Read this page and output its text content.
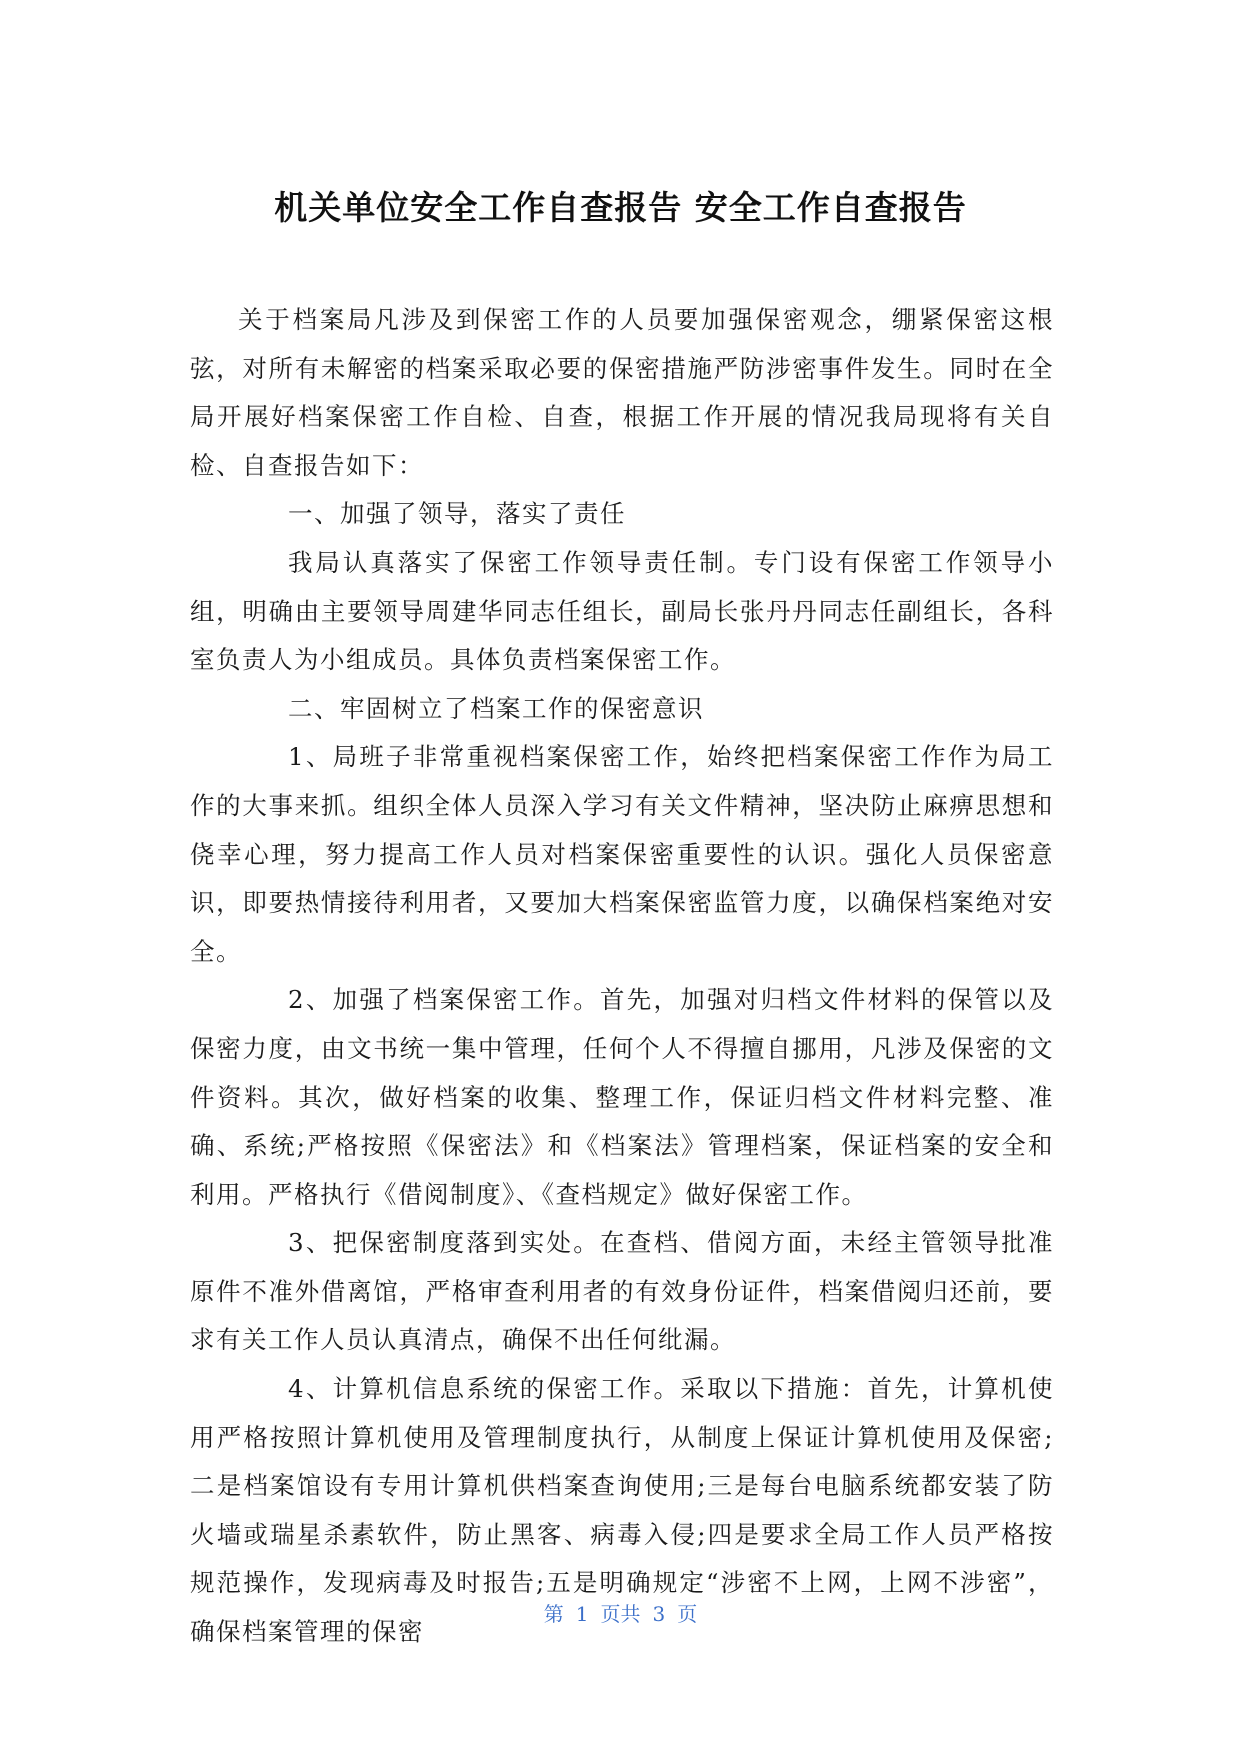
机关单位安全工作自查报告 安全工作自查报告

关于档案局凡涉及到保密工作的人员要加强保密观念，绷紧保密这根弦，对所有未解密的档案采取必要的保密措施严防涉密事件发生。同时在全局开展好档案保密工作自检、自查，根据工作开展的情况我局现将有关自检、自查报告如下：

一、加强了领导，落实了责任

我局认真落实了保密工作领导责任制。专门设有保密工作领导小组，明确由主要领导周建华同志任组长，副局长张丹丹同志任副组长，各科室负责人为小组成员。具体负责档案保密工作。

二、牢固树立了档案工作的保密意识

1、局班子非常重视档案保密工作，始终把档案保密工作作为局工作的大事来抓。组织全体人员深入学习有关文件精神，坚决防止麻痹思想和侥幸心理，努力提高工作人员对档案保密重要性的认识。强化人员保密意识，即要热情接待利用者，又要加大档案保密监管力度，以确保档案绝对安全。

2、加强了档案保密工作。首先，加强对归档文件材料的保管以及保密力度，由文书统一集中管理，任何个人不得擅自挪用，凡涉及保密的文件资料。其次，做好档案的收集、整理工作，保证归档文件材料完整、准确、系统;严格按照《保密法》和《档案法》管理档案，保证档案的安全和利用。严格执行《借阅制度》、《查档规定》做好保密工作。

3、把保密制度落到实处。在查档、借阅方面，未经主管领导批准原件不准外借离馆，严格审查利用者的有效身份证件，档案借阅归还前，要求有关工作人员认真清点，确保不出任何纰漏。

4、计算机信息系统的保密工作。采取以下措施：首先，计算机使用严格按照计算机使用及管理制度执行，从制度上保证计算机使用及保密;二是档案馆设有专用计算机供档案查询使用;三是每台电脑系统都安装了防火墙或瑞星杀素软件，防止黑客、病毒入侵;四是要求全局工作人员严格按规范操作，发现病毒及时报告;五是明确规定“涉密不上网，上网不涉密”，确保档案管理的保密

第 1 页共 3 页
